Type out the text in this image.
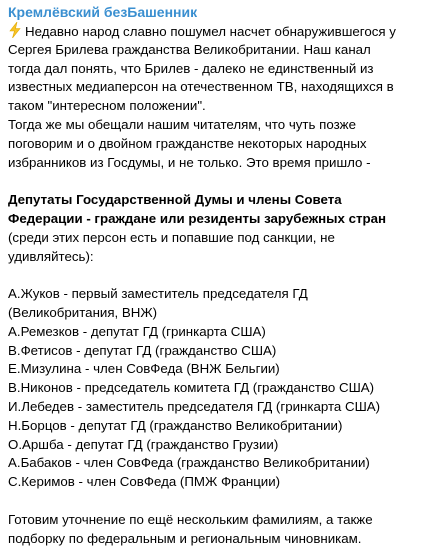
Кремлёвский безБашенник
Недавно народ славно пошумел насчет обнаружившегося у
Сергея Брилева гражданства Великобритании. Наш канал
тогда дал понять, что Брилев - далеко не единственный из
известных медиаперсон на отечественном ТВ, находящихся в
таком "интересном положении".
Тогда же мы обещали нашим читателям, что чуть позже
поговорим и о двойном гражданстве некоторых народных
избранников из Госдумы, и не только. Это время пришло -
Депутаты Государственной Думы и члены Совета
Федерации - граждане или резиденты зарубежных стран
(среди этих персон есть и попавшие под санкции, не
удивляйтесь):
А.Жуков - первый заместитель председателя ГД
(Великобритания, ВНЖ)
А.Ремезков - депутат ГД (гринкарта США)
В.Фетисов - депутат ГД (гражданство США)
Е.Мизулина - член СовФеда (ВНЖ Бельгии)
В.Никонов - председатель комитета ГД (гражданство США)
И.Лебедев - заместитель председателя ГД (гринкарта США)
Н.Борцов - депутат ГД (гражданство Великобритании)
О.Аршба - депутат ГД (гражданство Грузии)
А.Бабаков - член СовФеда (гражданство Великобритании)
С.Керимов - член СовФеда (ПМЖ Франции)
Готовим уточнение по ещё нескольким фамилиям, а также
подборку по федеральным и региональным чиновникам.
